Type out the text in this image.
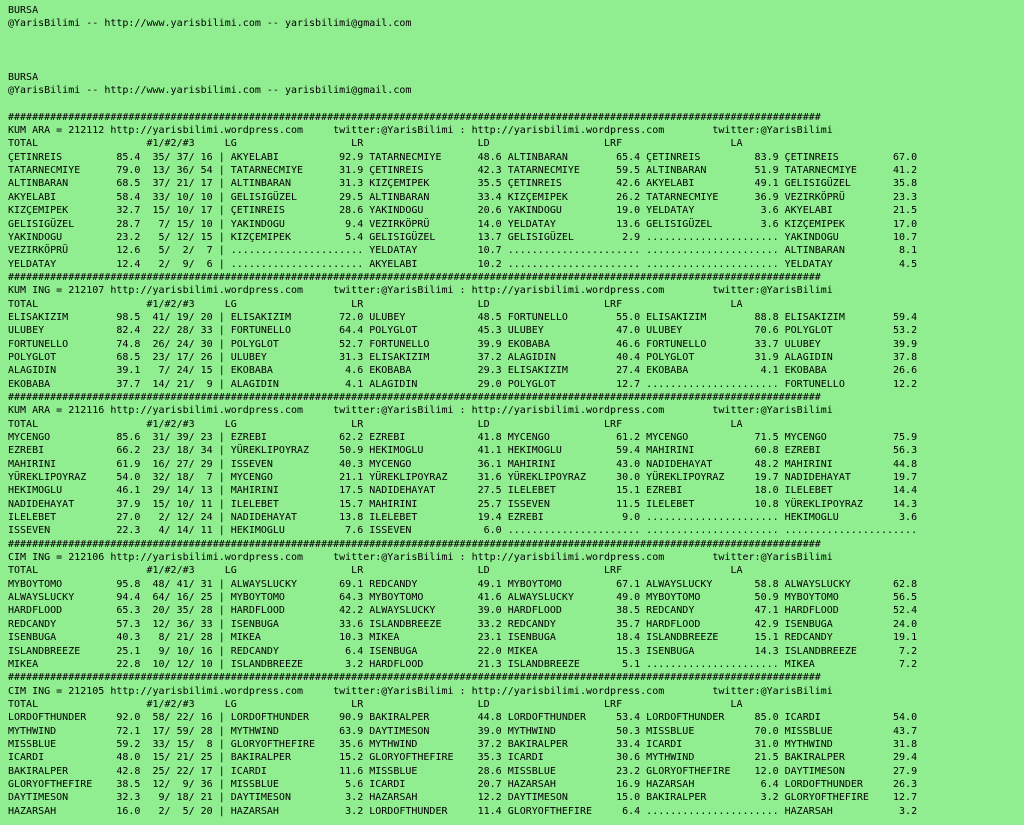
BURSA
@YarisBilimi -- http://www.yarisbilimi.com -- yarisbilimi@gmail.com
BURSA
@YarisBilimi -- http://www.yarisbilimi.com -- yarisbilimi@gmail.com
#######################################################################################################################################
KUM ARA = 212112 http://yarisbilimi.wordpress.com     twitter:@YarisBilimi : http://yarisbilimi.wordpress.com        twitter:@YarisBilimi
TOTAL                  #1/#2/#3     LG                   LR                   LD                   LRF                  LA
ÇETINREIS         85.4  35/ 37/ 16 | AKYELABI          92.9 TATARNECMIYE      48.6 ALTINBARAN        65.4 ÇETINREIS         83.9 ÇETINREIS         67.0
TATARNECMIYE      79.0  13/ 36/ 54 | TATARNECMIYE      31.9 ÇETINREIS         42.3 TATARNECMIYE      59.5 ALTINBARAN        51.9 TATARNECMIYE      41.2
ALTINBARAN        68.5  37/ 21/ 17 | ALTINBARAN        31.3 KIZÇEMIPEK        35.5 ÇETINREIS         42.6 AKYELABI          49.1 GELISIGÜZEL       35.8
AKYELABI          58.4  33/ 10/ 10 | GELISIGÜZEL       29.5 ALTINBARAN        33.4 KIZÇEMIPEK        26.2 TATARNECMIYE      36.9 VEZIRKÖPRÜ        23.3
KIZÇEMIPEK        32.7  15/ 10/ 17 | ÇETINREIS         28.6 YAKINDOGU         20.6 YAKINDOGU         19.0 YELDATAY           3.6 AKYELABI          21.5
GELISIGÜZEL       28.7   7/ 15/ 10 | YAKINDOGU          9.4 VEZIRKÖPRÜ        14.0 YELDATAY          13.6 GELISIGÜZEL        3.6 KIZÇEMIPEK        17.0
YAKINDOGU         23.2   5/ 12/ 15 | KIZÇEMIPEK         5.4 GELISIGÜZEL       13.7 GELISIGÜZEL        2.9 ...................... YAKINDOGU         10.7
VEZIRKÖPRÜ        12.6   5/  2/  7 | ...................... YELDATAY          10.7 ...................... ...................... ALTINBARAN         8.1
YELDATAY          12.4   2/  9/  6 | ...................... AKYELABI          10.2 ...................... ...................... YELDATAY           4.5
#######################################################################################################################################
KUM ING = 212107 http://yarisbilimi.wordpress.com     twitter:@YarisBilimi : http://yarisbilimi.wordpress.com        twitter:@YarisBilimi
TOTAL                  #1/#2/#3     LG                   LR                   LD                   LRF                  LA
ELISAKIZIM        98.5  41/ 19/ 20 | ELISAKIZIM        72.0 ULUBEY            48.5 FORTUNELLO        55.0 ELISAKIZIM        88.8 ELISAKIZIM        59.4
ULUBEY            82.4  22/ 28/ 33 | FORTUNELLO        64.4 POLYGLOT          45.3 ULUBEY            47.0 ULUBEY            70.6 POLYGLOT          53.2
FORTUNELLO        74.8  26/ 24/ 30 | POLYGLOT          52.7 FORTUNELLO        39.9 EKOBABA           46.6 FORTUNELLO        33.7 ULUBEY            39.9
POLYGLOT          68.5  23/ 17/ 26 | ULUBEY            31.3 ELISAKIZIM        37.2 ALAGIDIN          40.4 POLYGLOT          31.9 ALAGIDIN          37.8
ALAGIDIN          39.1   7/ 24/ 15 | EKOBABA            4.6 EKOBABA           29.3 ELISAKIZIM        27.4 EKOBABA            4.1 EKOBABA           26.6
EKOBABA           37.7  14/ 21/  9 | ALAGIDIN           4.1 ALAGIDIN          29.0 POLYGLOT          12.7 ...................... FORTUNELLO        12.2
#######################################################################################################################################
KUM ARA = 212116 http://yarisbilimi.wordpress.com     twitter:@YarisBilimi : http://yarisbilimi.wordpress.com        twitter:@YarisBilimi
TOTAL                  #1/#2/#3     LG                   LR                   LD                   LRF                  LA
MYCENGO           85.6  31/ 39/ 23 | EZREBI            62.2 EZREBI            41.8 MYCENGO           61.2 MYCENGO           71.5 MYCENGO           75.9
EZREBI            66.2  23/ 18/ 34 | YÜREKLIPOYRAZ     50.9 HEKIMOGLU         41.1 HEKIMOGLU         59.4 MAHIRINI          60.8 EZREBI            56.3
MAHIRINI          61.9  16/ 27/ 29 | ISSEVEN           40.3 MYCENGO           36.1 MAHIRINI          43.0 NADIDEHAYAT       48.2 MAHIRINI          44.8
YÜREKLIPOYRAZ     54.0  32/ 18/  7 | MYCENGO           21.1 YÜREKLIPOYRAZ     31.6 YÜREKLIPOYRAZ     30.0 YÜREKLIPOYRAZ     19.7 NADIDEHAYAT       19.7
HEKIMOGLU         46.1  29/ 14/ 13 | MAHIRINI          17.5 NADIDEHAYAT       27.5 ILELEBET          15.1 EZREBI            18.0 ILELEBET          14.4
NADIDEHAYAT       37.9  15/ 10/ 11 | ILELEBET          15.7 MAHIRINI          25.7 ISSEVEN           11.5 ILELEBET          10.8 YÜREKLIPOYRAZ     14.3
ILELEBET          27.0   2/ 12/ 24 | NADIDEHAYAT       13.8 ILELEBET          19.4 EZREBI             9.0 ...................... HEKIMOGLU          3.6
ISSEVEN           22.3   4/ 14/ 11 | HEKIMOGLU          7.6 ISSEVEN            6.0 ...................... ...................... ......................
#######################################################################################################################################
CIM ING = 212106 http://yarisbilimi.wordpress.com     twitter:@YarisBilimi : http://yarisbilimi.wordpress.com        twitter:@YarisBilimi
TOTAL                  #1/#2/#3     LG                   LR                   LD                   LRF                  LA
MYBOYTOMO         95.8  48/ 41/ 31 | ALWAYSLUCKY       69.1 REDCANDY          49.1 MYBOYTOMO         67.1 ALWAYSLUCKY       58.8 ALWAYSLUCKY       62.8
ALWAYSLUCKY       94.4  64/ 16/ 25 | MYBOYTOMO         64.3 MYBOYTOMO         41.6 ALWAYSLUCKY       49.0 MYBOYTOMO         50.9 MYBOYTOMO         56.5
HARDFLOOD         65.3  20/ 35/ 28 | HARDFLOOD         42.2 ALWAYSLUCKY       39.0 HARDFLOOD         38.5 REDCANDY          47.1 HARDFLOOD         52.4
REDCANDY          57.3  12/ 36/ 33 | ISENBUGA          33.6 ISLANDBREEZE      33.2 REDCANDY          35.7 HARDFLOOD         42.9 ISENBUGA          24.0
ISENBUGA          40.3   8/ 21/ 28 | MIKEA             10.3 MIKEA             23.1 ISENBUGA          18.4 ISLANDBREEZE      15.1 REDCANDY          19.1
ISLANDBREEZE      25.1   9/ 10/ 16 | REDCANDY           6.4 ISENBUGA          22.0 MIKEA             15.3 ISENBUGA          14.3 ISLANDBREEZE       7.2
MIKEA             22.8  10/ 12/ 10 | ISLANDBREEZE       3.2 HARDFLOOD         21.3 ISLANDBREEZE       5.1 ...................... MIKEA              7.2
#######################################################################################################################################
CIM ING = 212105 http://yarisbilimi.wordpress.com     twitter:@YarisBilimi : http://yarisbilimi.wordpress.com        twitter:@YarisBilimi
TOTAL                  #1/#2/#3     LG                   LR                   LD                   LRF                  LA
LORDOFTHUNDER     92.0  58/ 22/ 16 | LORDOFTHUNDER     90.9 BAKIRALPER        44.8 LORDOFTHUNDER     53.4 LORDOFTHUNDER     85.0 ICARDI            54.0
MYTHWIND          72.1  17/ 59/ 28 | MYTHWIND          63.9 DAYTIMESON        39.0 MYTHWIND          50.3 MISSBLUE          70.0 MISSBLUE          43.7
MISSBLUE          59.2  33/ 15/  8 | GLORYOFTHEFIRE    35.6 MYTHWIND          37.2 BAKIRALPER        33.4 ICARDI            31.0 MYTHWIND          31.8
ICARDI            48.0  15/ 21/ 25 | BAKIRALPER        15.2 GLORYOFTHEFIRE    35.3 ICARDI            30.6 MYTHWIND          21.5 BAKIRALPER        29.4
BAKIRALPER        42.8  25/ 22/ 17 | ICARDI            11.6 MISSBLUE          28.6 MISSBLUE          23.2 GLORYOFTHEFIRE    12.0 DAYTIMESON        27.9
GLORYOFTHEFIRE    38.5  12/  9/ 36 | MISSBLUE           5.6 ICARDI            20.7 HAZARSAH          16.9 HAZARSAH           6.4 LORDOFTHUNDER     26.3
DAYTIMESON        32.3   9/ 18/ 21 | DAYTIMESON         3.2 HAZARSAH          12.2 DAYTIMESON        15.0 BAKIRALPER         3.2 GLORYOFTHEFIRE    12.7
HAZARSAH          16.0   2/  5/ 20 | HAZARSAH           3.2 LORDOFTHUNDER     11.4 GLORYOFTHEFIRE     6.4 ...................... HAZARSAH           3.2
